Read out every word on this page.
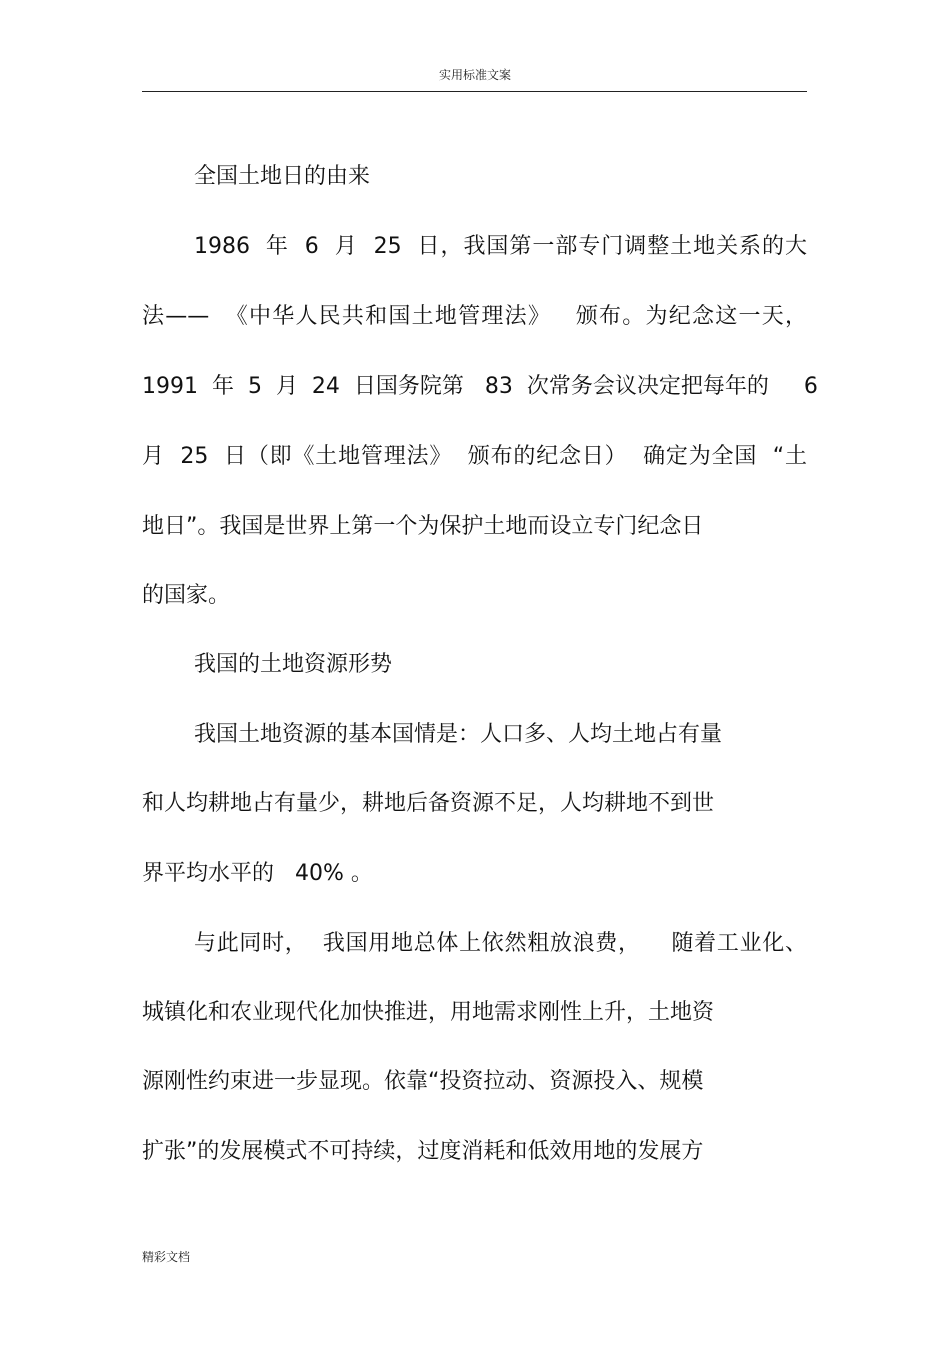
实用标准文案
全国土地日的由来
1986  年  6  月  25  日，我国第一部专门调整土地关系的大
法——  《中华人民共和国土地管理法》   颁布。为纪念这一天，
1991  年  5  月  24  日国务院第   83  次常务会议决定把每年的     6
月  25  日（即《土地管理法》  颁布的纪念日）  确定为全国  “土
地日”。我国是世界上第一个为保护土地而设立专门纪念日
的国家。
我国的土地资源形势
我国土地资源的基本国情是：人口多、人均土地占有量
和人均耕地占有量少，耕地后备资源不足，人均耕地不到世
界平均水平的   40% 。
与此同时，  我国用地总体上依然粗放浪费，    随着工业化、
城镇化和农业现代化加快推进，用地需求刚性上升，土地资
源刚性约束进一步显现。依靠“投资拉动、资源投入、规模
扩张”的发展模式不可持续，过度消耗和低效用地的发展方
精彩文档
